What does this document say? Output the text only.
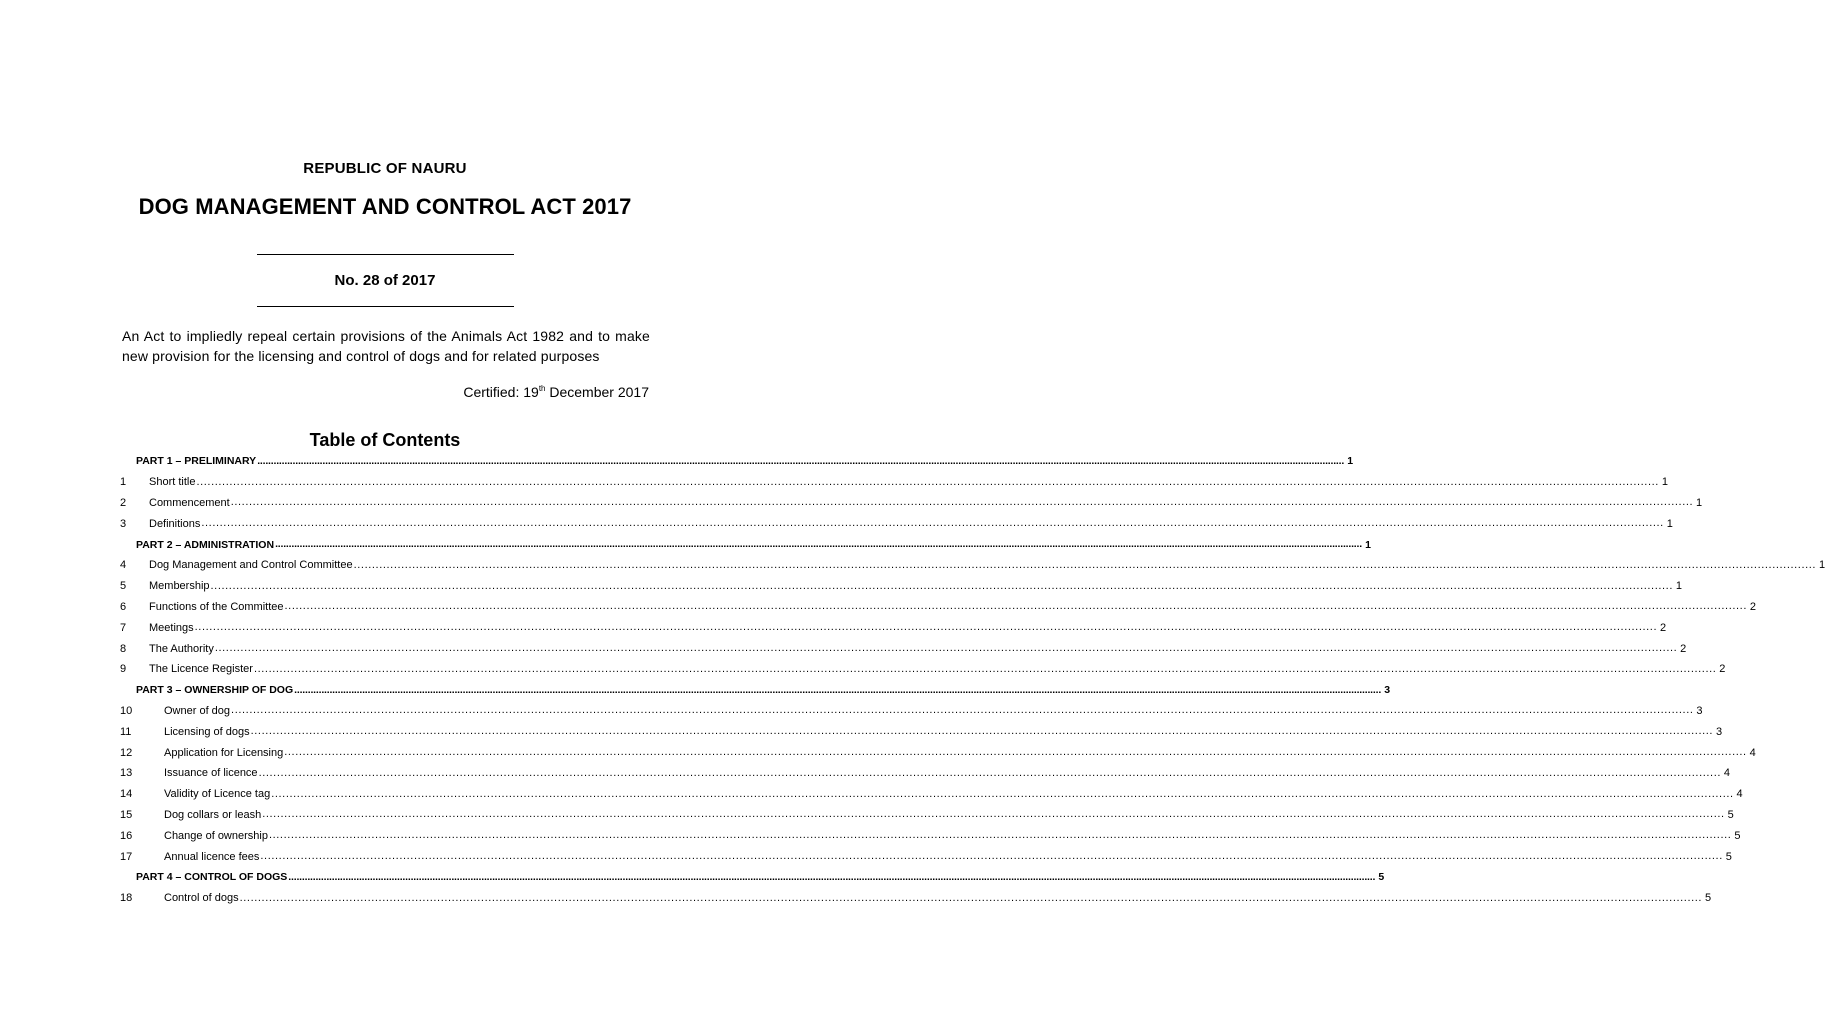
REPUBLIC OF NAURU
DOG MANAGEMENT AND CONTROL ACT 2017
No. 28 of 2017
An Act to impliedly repeal certain provisions of the Animals Act 1982 and to make new provision for the licensing and control of dogs and for related purposes
Certified: 19th December 2017
Table of Contents
PART 1 – PRELIMINARY ................................................................................................................................................................................................................................................................................................................................................................................................................ 1
1	Short title ................................................................................................................................................................................................................................................................................................................................................................................................................ 1
2	Commencement ................................................................................................................................................................................................................................................................................................................................................................................................................ 1
3	Definitions ................................................................................................................................................................................................................................................................................................................................................................................................................ 1
PART 2 – ADMINISTRATION ................................................................................................................................................................................................................................................................................................................................................................................................................ 1
4	Dog Management and Control Committee ................................................................................................................................................................................................................................................................................................................................................................................................................ 1
5	Membership ................................................................................................................................................................................................................................................................................................................................................................................................................ 1
6	Functions of the Committee ................................................................................................................................................................................................................................................................................................................................................................................................................ 2
7	Meetings ................................................................................................................................................................................................................................................................................................................................................................................................................ 2
8	The Authority ................................................................................................................................................................................................................................................................................................................................................................................................................ 2
9	The Licence Register ................................................................................................................................................................................................................................................................................................................................................................................................................ 2
PART 3 – OWNERSHIP OF DOG ................................................................................................................................................................................................................................................................................................................................................................................................................ 3
10	Owner of dog ................................................................................................................................................................................................................................................................................................................................................................................................................ 3
11	Licensing of dogs ................................................................................................................................................................................................................................................................................................................................................................................................................ 3
12	Application for Licensing ................................................................................................................................................................................................................................................................................................................................................................................................................ 4
13	Issuance of licence ................................................................................................................................................................................................................................................................................................................................................................................................................ 4
14	Validity of Licence tag ................................................................................................................................................................................................................................................................................................................................................................................................................ 4
15	Dog collars or leash ................................................................................................................................................................................................................................................................................................................................................................................................................ 5
16	Change of ownership ................................................................................................................................................................................................................................................................................................................................................................................................................ 5
17	Annual licence fees ................................................................................................................................................................................................................................................................................................................................................................................................................ 5
PART 4 – CONTROL OF DOGS ................................................................................................................................................................................................................................................................................................................................................................................................................ 5
18	Control of dogs ................................................................................................................................................................................................................................................................................................................................................................................................................ 5
